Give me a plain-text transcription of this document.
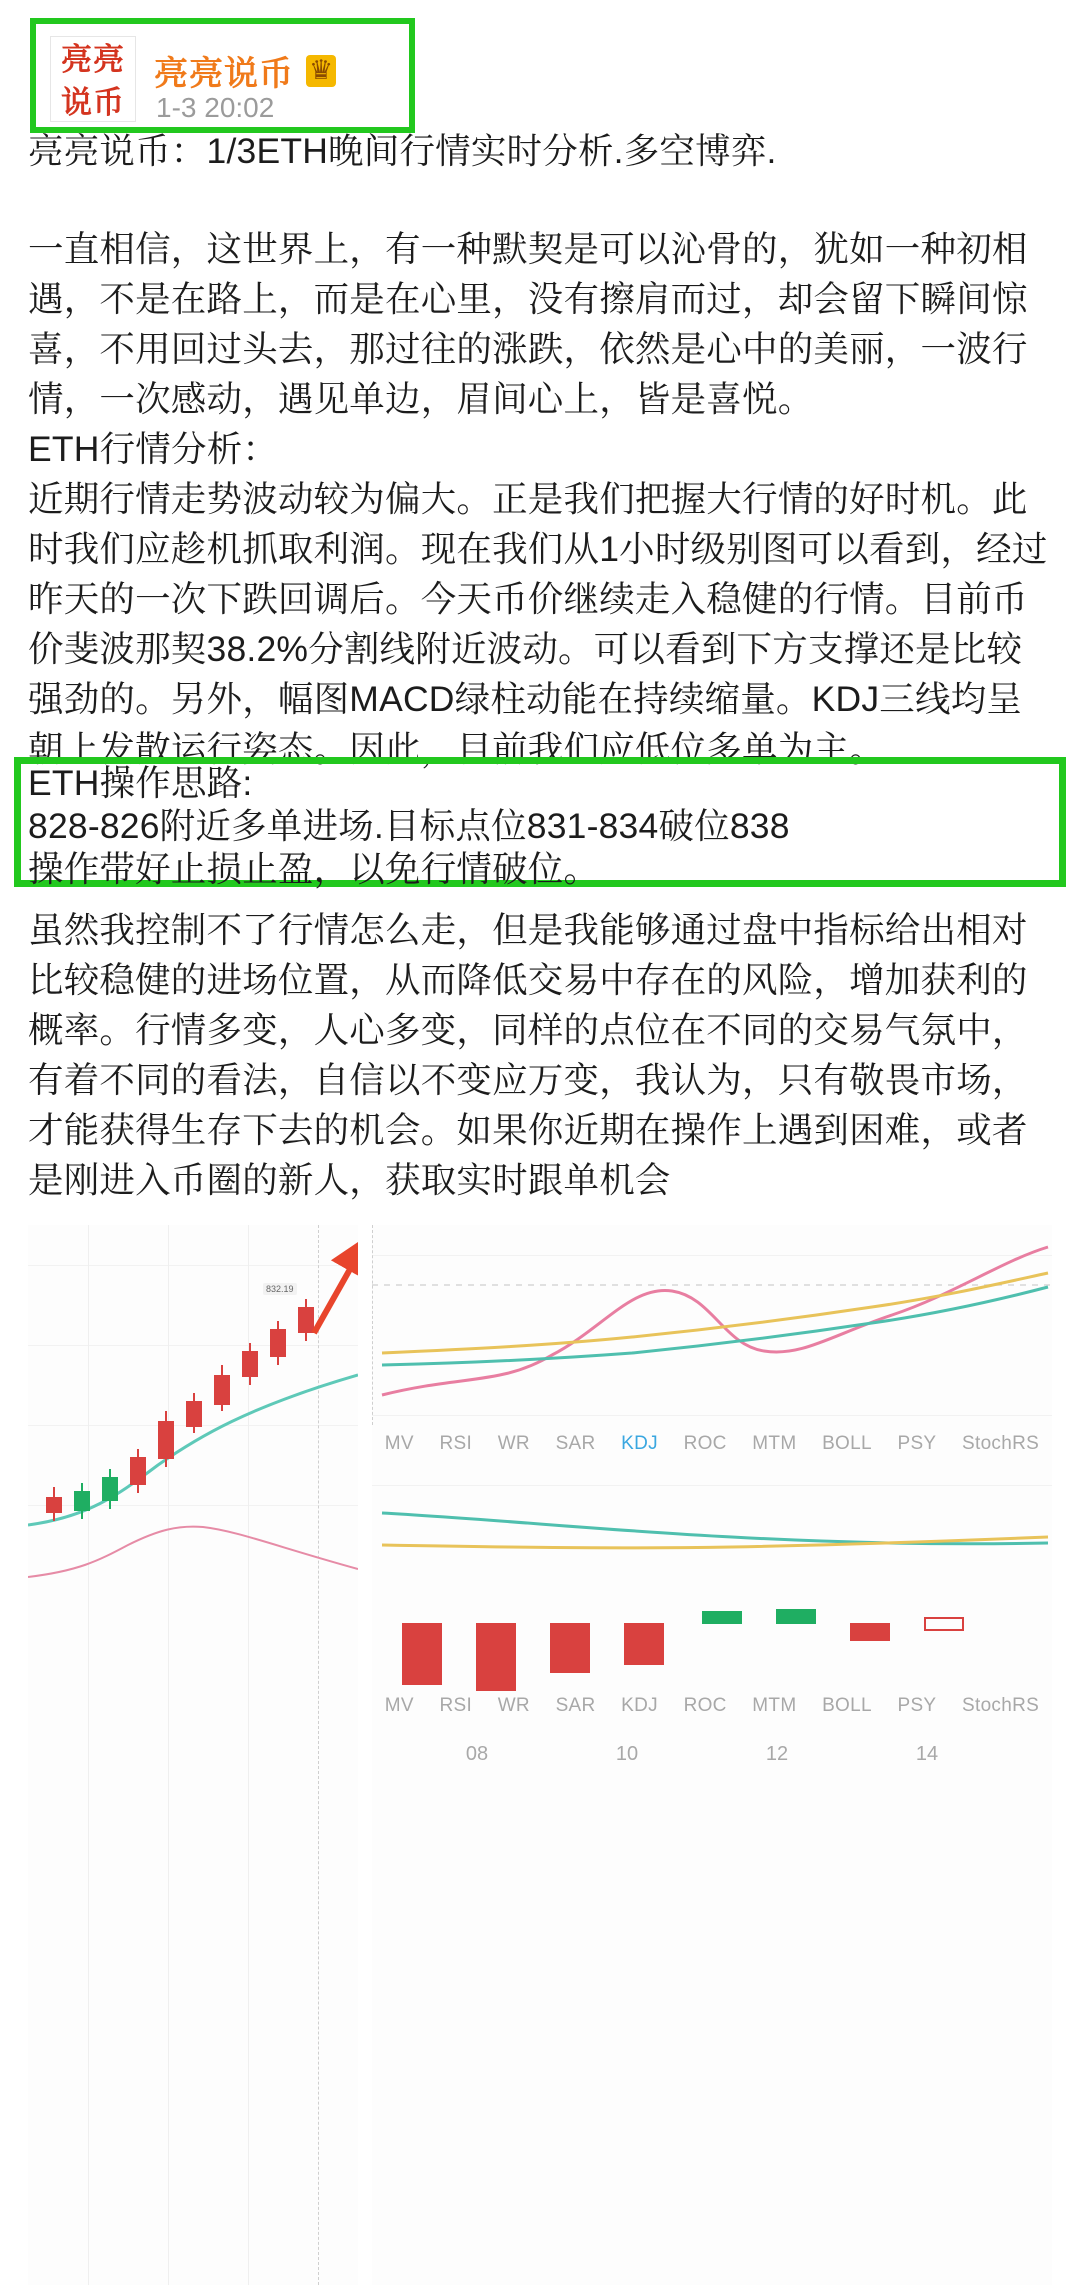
亮亮
说币
亮亮说币 ♛
1-3 20:02
亮亮说币：1/3ETH晚间行情实时分析.多空博弈.
一直相信，这世界上，有一种默契是可以沁骨的，犹如一种初相遇，不是在路上，而是在心里，没有擦肩而过，却会留下瞬间惊喜，不用回过头去，那过往的涨跌，依然是心中的美丽，一波行情，一次感动，遇见单边，眉间心上，皆是喜悦。
ETH行情分析：
近期行情走势波动较为偏大。正是我们把握大行情的好时机。此时我们应趁机抓取利润。现在我们从1小时级别图可以看到，经过昨天的一次下跌回调后。今天币价继续走入稳健的行情。目前币价斐波那契38.2%分割线附近波动。可以看到下方支撑还是比较强劲的。另外，幅图MACD绿柱动能在持续缩量。KDJ三线均呈朝上发散运行姿态。因此，目前我们应低位多单为主。
ETH操作思路:
828-826附近多单进场.目标点位831-834破位838
操作带好止损止盈，以免行情破位。
虽然我控制不了行情怎么走，但是我能够通过盘中指标给出相对比较稳健的进场位置，从而降低交易中存在的风险，增加获利的概率。行情多变，人心多变，同样的点位在不同的交易气氛中，有着不同的看法，自信以不变应万变，我认为，只有敬畏市场，才能获得生存下去的机会。如果你近期在操作上遇到困难，或者是刚进入币圈的新人，获取实时跟单机会
832.19
MV RSI WR SAR KDJ ROC MTM BOLL PSY StochRS
MV RSI WR SAR KDJ ROC MTM BOLL PSY StochRS
08	10	12	14
